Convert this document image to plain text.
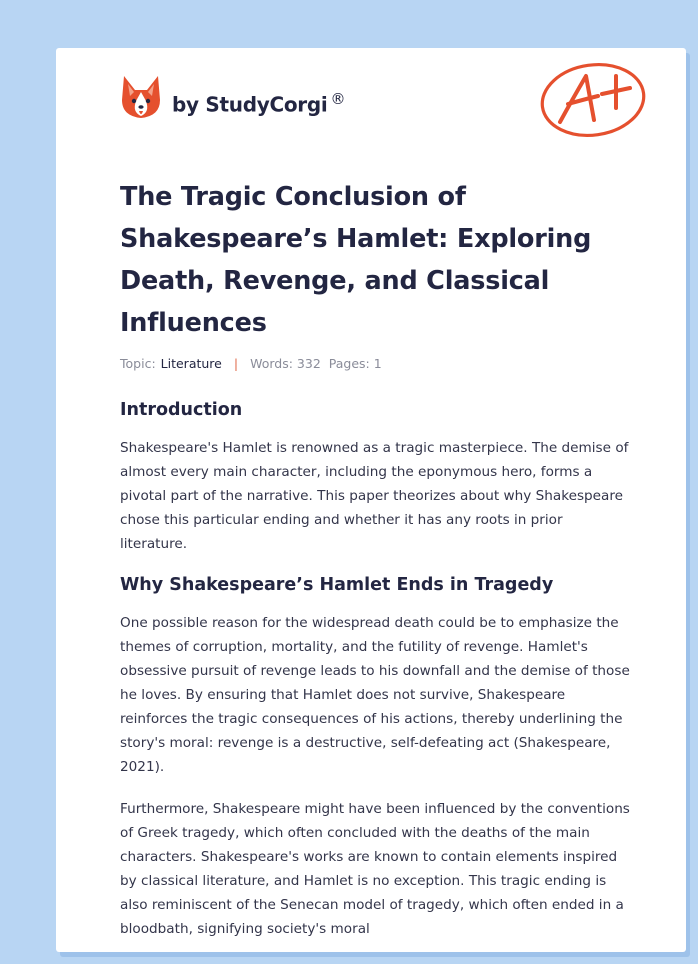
by StudyCorgi ®
The Tragic Conclusion of Shakespeare’s Hamlet: Exploring Death, Revenge, and Classical Influences
Topic: Literature | Words: 332 Pages: 1
Introduction

Shakespeare's Hamlet is renowned as a tragic masterpiece. The demise of almost every main character, including the eponymous hero, forms a pivotal part of the narrative. This paper theorizes about why Shakespeare chose this particular ending and whether it has any roots in prior literature.

Why Shakespeare’s Hamlet Ends in Tragedy

One possible reason for the widespread death could be to emphasize the themes of corruption, mortality, and the futility of revenge. Hamlet's obsessive pursuit of revenge leads to his downfall and the demise of those he loves. By ensuring that Hamlet does not survive, Shakespeare reinforces the tragic consequences of his actions, thereby underlining the story's moral: revenge is a destructive, self-defeating act (Shakespeare, 2021).

Furthermore, Shakespeare might have been influenced by the conventions of Greek tragedy, which often concluded with the deaths of the main characters. Shakespeare's works are known to contain elements inspired by classical literature, and Hamlet is no exception. This tragic ending is also reminiscent of the Senecan model of tragedy, which often ended in a bloodbath, signifying society's moral
